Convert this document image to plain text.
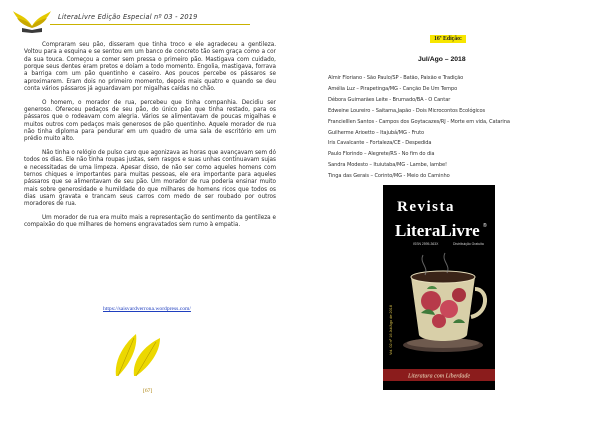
LiteraLivre Edição Especial nº 03 - 2019

Compraram seu pão, disseram que tinha troco e ele agradeceu a gentileza. Voltou para a esquina e se sentou em um banco de concreto tão sem graça como a cor da sua touca. Começou a comer sem pressa o primeiro pão. Mastigava com cuidado, porque seus dentes eram pretos e doíam a todo momento. Engolia, mastigava, forrava a barriga com um pão quentinho e caseiro. Aos poucos percebe os pássaros se aproximarem. Eram dois no primeiro momento, depois mais quatro e quando se deu conta vários pássaros já aguardavam por migalhas caídas no chão.

O homem, o morador de rua, percebeu que tinha companhia. Decidiu ser generoso. Ofereceu pedaços de seu pão, do único pão que tinha restado, para os pássaros que o rodeavam com alegria. Vários se alimentavam de poucas migalhas e muitos outros com pedaços mais generosos de pão quentinho. Aquele morador de rua não tinha diploma para pendurar em um quadro de uma sala de escritório em um prédio muito alto.

Não tinha o relógio de pulso caro que agonizava as horas que avançavam sem dó todos os dias. Ele não tinha roupas justas, sem rasgos e suas unhas continuavam sujas e necessitadas de uma limpeza. Apesar disso, de não ser como aqueles homens com ternos chiques e importantes para muitas pessoas, ele era importante para aqueles pássaros que se alimentavam de seu pão. Um morador de rua poderia ensinar muito mais sobre generosidade e humildade do que milhares de homens ricos que todos os dias usam gravata e trancam seus carros com medo de ser roubado por outros moradores de rua.

Um morador de rua era muito mais a representação do sentimento da gentileza e compaixão do que milhares de homens engravatados sem rumo à empatia.

https://saisvardverrona.wordpress.com/
[67]
16ª Edição:
Jul/Ago – 2018
Almir Floriano - São Paulo/SP - Batão, Paixão e Tradição
Amélia Luz – Pirapetinga/MG - Canção De Um Tempo
Débora Guimarães Leite - Brumado/BA - O Cantar
Edweine Loureiro – Saitama,Japão - Dois Microcontos Ecológicos
Francielllen Santos - Campos dos Goytacazes/RJ - Morte em vida, Catarina
Guilherme Arioetto – Itajubá/MG - Fruto
Iris Cavalcante – Fortaleza/CE - Despedida
Paulo Florindo – Alegrete/RS - No fim do dia
Sandra Modesto – Ituiutaba/MG - Lambe, lambe!
Tinga das Gerais – Corinto/MG - Meio do Caminho
Revista
LiteraLivre ®
ISSN 2595-363X	Distribuição Gratuita
Vol. 02 nº 16 Jul/Ago de 2018
Literatura com Liberdade
